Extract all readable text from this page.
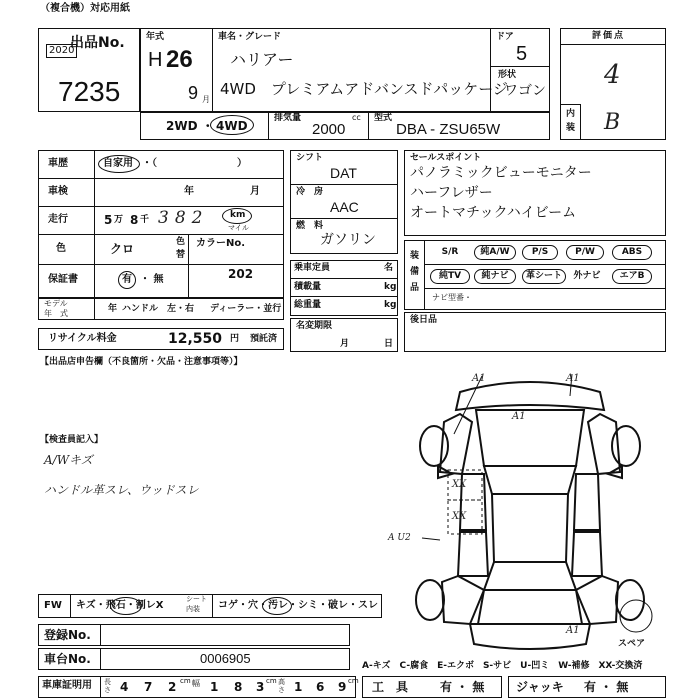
（複合機）対応用紙
出品No.
2020
7235
年式
H 26
9 月
車名・グレード
ハリアー
4WD　プレミアムアドバンスドパッケージ
ドア
5
形状
ワゴン
2WD ・ 4WD
排気量	cc
2000
型式
DBA - ZSU65W
評価点
4
内
装 B
車歴	自家用 ・（　　　　　　　　）
車検	年	月
走行	5 万 8 千 382 km
マイル
色	クロ	色
替
カラーNo.
202
保証書	有 ・ 無
モデル
年　式	年 ハンドル　左・右 ディーラー・並行
リサイクル料金	12,550 円 預託済
シフト
DAT
冷　房
AAC
燃　料
ガソリン
乗車定員	名
積載量	kg
総重量	kg
名変期限
月	日
セールスポイント
パノラミックビューモニター
ハーフレザー
オートマチックハイビーム
装
備
品
S/R	純A/W	P/S	P/W	ABS
純TV	純ナビ	革シート	外ナビ	エアB
ナビ型番・
後日品
【出品店申告欄（不良箇所・欠品・注意事項等）】
【検査員記入】
A/Wキズ
ハンドル革スレ、ウッドスレ
A1	A1
A1
XX
XX
A U2
A1
スペア
FW キズ・飛石・割レX
シート
内装 コゲ・穴・汚レ・シミ・破レ・スレ
登録No.
車台No.	0006905	A-キズ　C-腐食　E-エクボ　S-サビ　U-凹ミ　W-補修　XX-交換済
車庫証明用 長さ 4 7 2 cm 幅 1 8 3 cm 高さ 1 6 9 cm 工　具	有 ・ 無	ジャッキ 有 ・ 無
